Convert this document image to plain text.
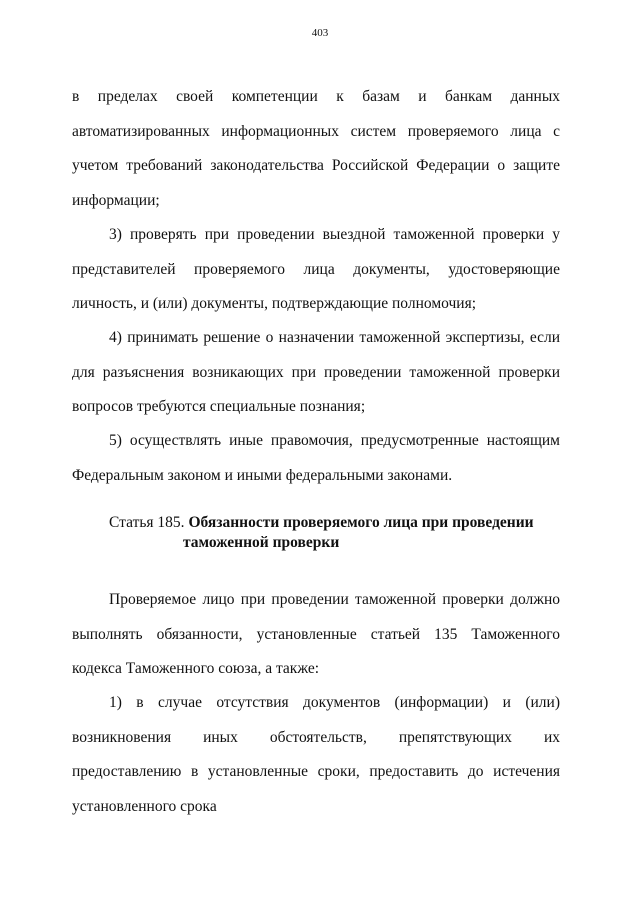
403

в пределах своей компетенции к базам и банкам данных автоматизированных информационных систем проверяемого лица с учетом требований законодательства Российской Федерации о защите информации;

3) проверять при проведении выездной таможенной проверки у представителей проверяемого лица документы, удостоверяющие личность, и (или) документы, подтверждающие полномочия;

4) принимать решение о назначении таможенной экспертизы, если для разъяснения возникающих при проведении таможенной проверки вопросов требуются специальные познания;

5) осуществлять иные правомочия, предусмотренные настоящим Федеральным законом и иными федеральными законами.

Статья 185. Обязанности проверяемого лица при проведении
таможенной проверки

Проверяемое лицо при проведении таможенной проверки должно выполнять обязанности, установленные статьей 135 Таможенного кодекса Таможенного союза, а также:

1) в случае отсутствия документов (информации) и (или) возникновения иных обстоятельств, препятствующих их предоставлению в установленные сроки, предоставить до истечения установленного срока
